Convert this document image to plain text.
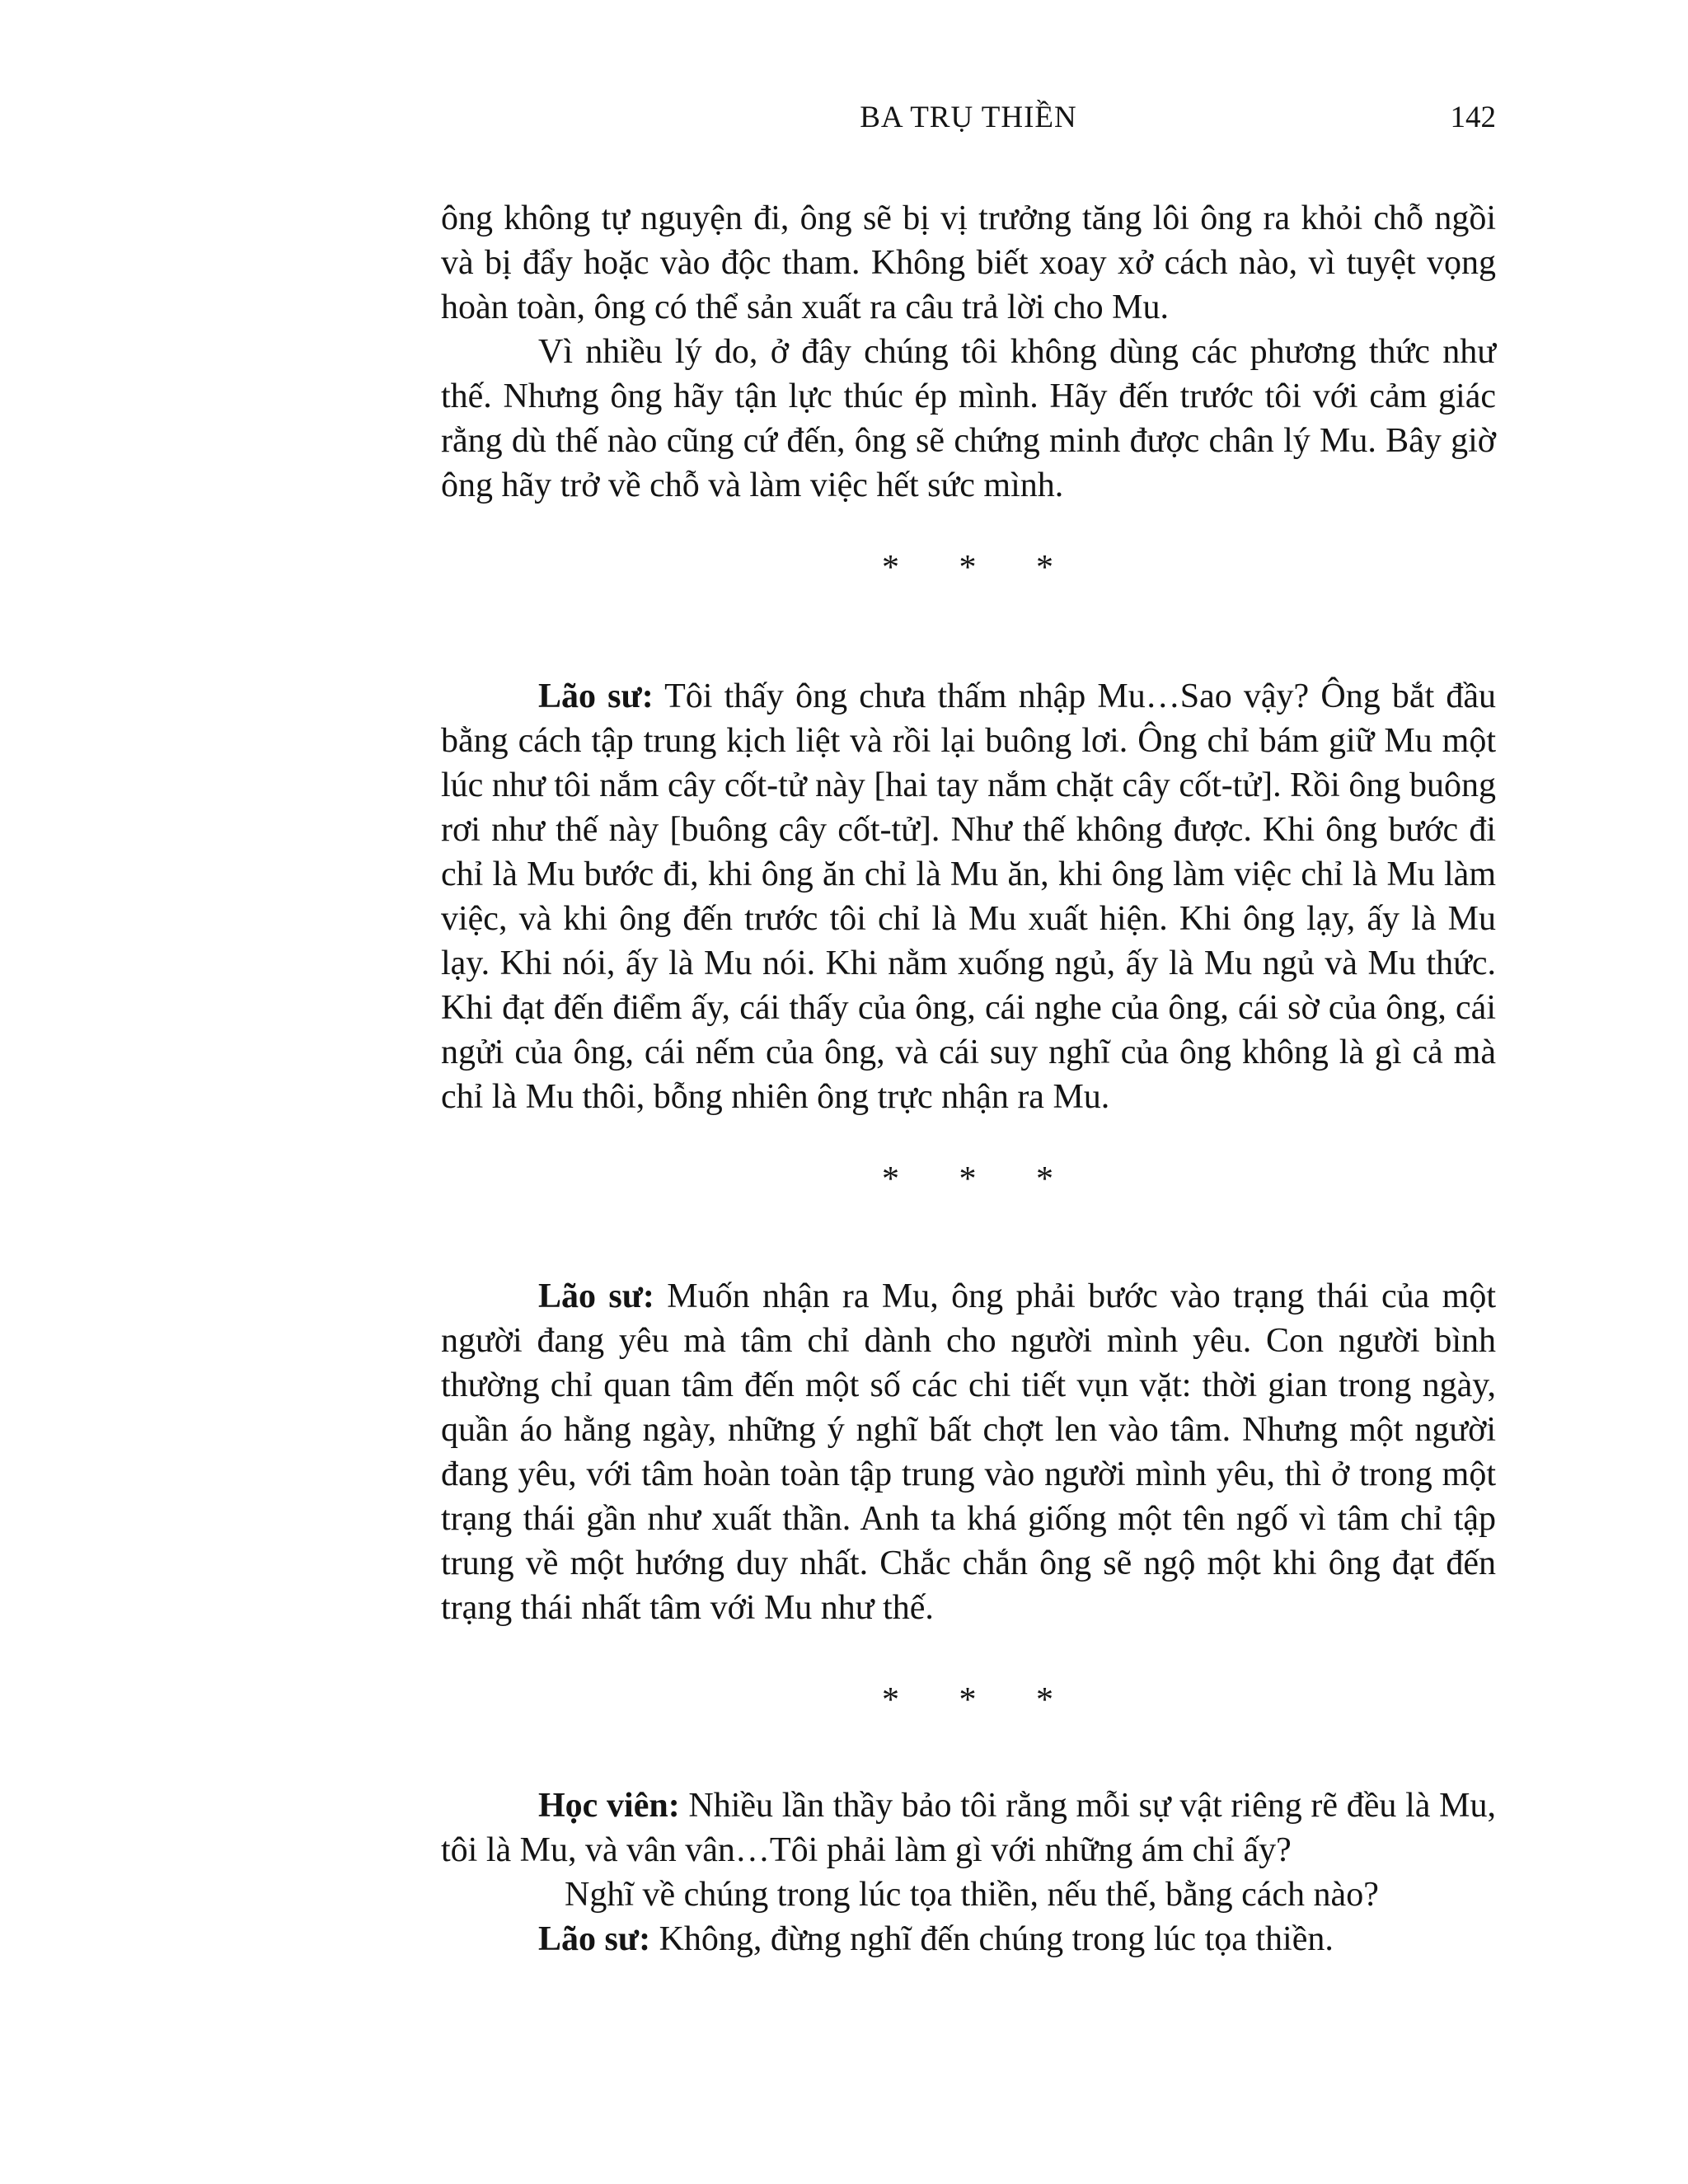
BA TRỤ THIỀN	142

ông không tự nguyện đi, ông sẽ bị vị trưởng tăng lôi ông ra khỏi chỗ ngồi và bị đẩy hoặc vào độc tham. Không biết xoay xở cách nào, vì tuyệt vọng hoàn toàn, ông có thể sản xuất ra câu trả lời cho Mu.

Vì nhiều lý do, ở đây chúng tôi không dùng các phương thức như thế. Nhưng ông hãy tận lực thúc ép mình. Hãy đến trước tôi với cảm giác rằng dù thế nào cũng cứ đến, ông sẽ chứng minh được chân lý Mu. Bây giờ ông hãy trở về chỗ và làm việc hết sức mình.

* * *

Lão sư: Tôi thấy ông chưa thấm nhập Mu…Sao vậy? Ông bắt đầu bằng cách tập trung kịch liệt và rồi lại buông lơi. Ông chỉ bám giữ Mu một lúc như tôi nắm cây cốt-tử này [hai tay nắm chặt cây cốt-tử]. Rồi ông buông rơi như thế này [buông cây cốt-tử]. Như thế không được. Khi ông bước đi chỉ là Mu bước đi, khi ông ăn chỉ là Mu ăn, khi ông làm việc chỉ là Mu làm việc, và khi ông đến trước tôi chỉ là Mu xuất hiện. Khi ông lạy, ấy là Mu lạy. Khi nói, ấy là Mu nói. Khi nằm xuống ngủ, ấy là Mu ngủ và Mu thức. Khi đạt đến điểm ấy, cái thấy của ông, cái nghe của ông, cái sờ của ông, cái ngửi của ông, cái nếm của ông, và cái suy nghĩ của ông không là gì cả mà chỉ là Mu thôi, bỗng nhiên ông trực nhận ra Mu.

* * *

Lão sư: Muốn nhận ra Mu, ông phải bước vào trạng thái của một người đang yêu mà tâm chỉ dành cho người mình yêu. Con người bình thường chỉ quan tâm đến một số các chi tiết vụn vặt: thời gian trong ngày, quần áo hằng ngày, những ý nghĩ bất chợt len vào tâm. Nhưng một người đang yêu, với tâm hoàn toàn tập trung vào người mình yêu, thì ở trong một trạng thái gần như xuất thần. Anh ta khá giống một tên ngố vì tâm chỉ tập trung về một hướng duy nhất. Chắc chắn ông sẽ ngộ một khi ông đạt đến trạng thái nhất tâm với Mu như thế.

* * *

Học viên: Nhiều lần thầy bảo tôi rằng mỗi sự vật riêng rẽ đều là Mu, tôi là Mu, và vân vân…Tôi phải làm gì với những ám chỉ ấy?

Nghĩ về chúng trong lúc tọa thiền, nếu thế, bằng cách nào?

Lão sư: Không, đừng nghĩ đến chúng trong lúc tọa thiền.
